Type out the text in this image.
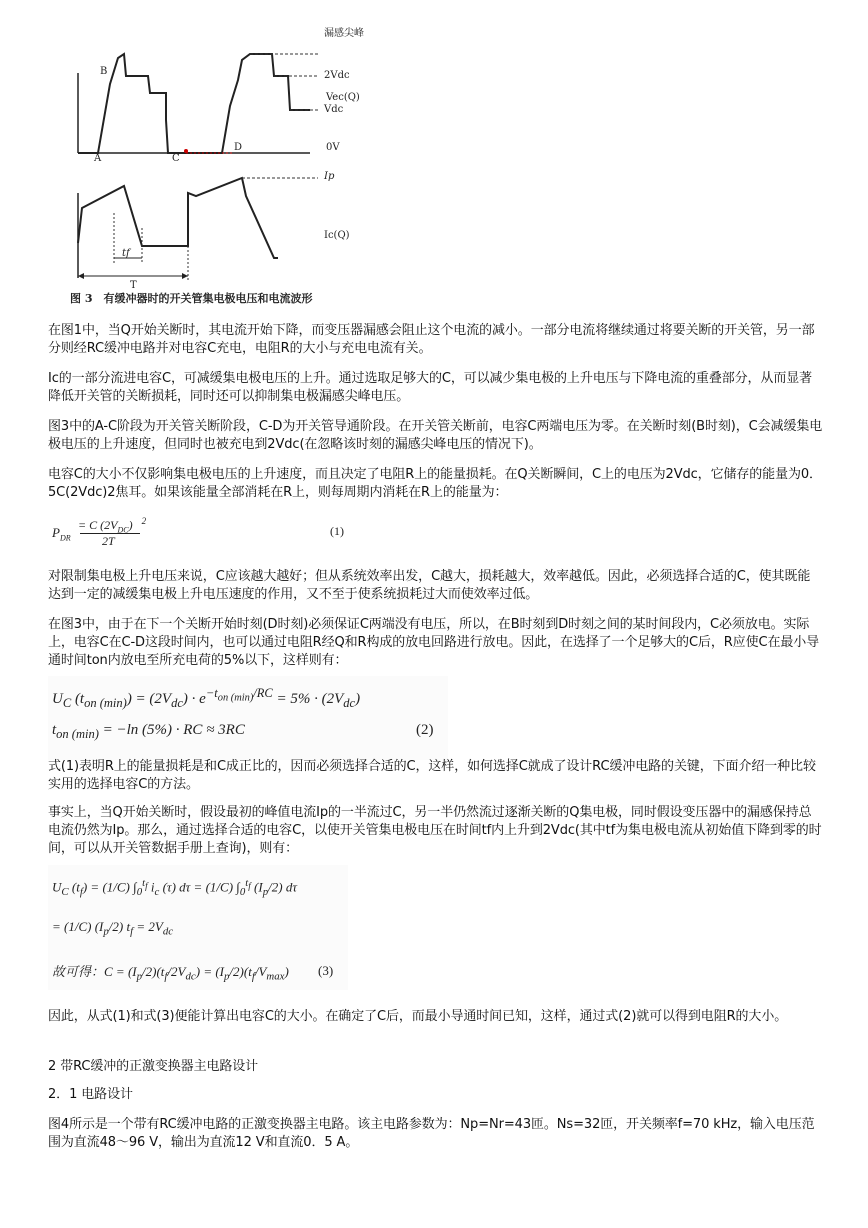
漏感尖峰
2Vdc
Vdc
Vec(Q)
0V
Ip
Ic(Q)
tf
T
B
A	C
D
图 3　有缓冲器时的开关管集电极电压和电流波形

在图1中，当Q开始关断时，其电流开始下降，而变压器漏感会阻止这个电流的减小。一部分电流将继续通过将要关断的开关管，另一部分则经RC缓冲电路并对电容C充电，电阻R的大小与充电电流有关。

Ic的一部分流进电容C，可减缓集电极电压的上升。通过选取足够大的C，可以减少集电极的上升电压与下降电流的重叠部分，从而显著降低开关管的关断损耗，同时还可以抑制集电极漏感尖峰电压。

图3中的A-C阶段为开关管关断阶段，C-D为开关管导通阶段。在开关管关断前，电容C两端电压为零。在关断时刻(B时刻)，C会减缓集电极电压的上升速度，但同时也被充电到2Vdc(在忽略该时刻的漏感尖峰电压的情况下)。

电容C的大小不仅影响集电极电压的上升速度，而且决定了电阻R上的能量损耗。在Q关断瞬间，C上的电压为2Vdc，它储存的能量为0．5C(2Vdc)2焦耳。如果该能量全部消耗在R上，则每周期内消耗在R上的能量为：

$P_{DR}$
= C $(2V_{DC})$ $^2$
2T
(1)

对限制集电极上升电压来说，C应该越大越好；但从系统效率出发，C越大，损耗越大，效率越低。因此，必须选择合适的C，使其既能达到一定的减缓集电极上升电压速度的作用，又不至于使系统损耗过大而使效率过低。

在图3中，由于在下一个关断开始时刻(D时刻)必须保证C两端没有电压，所以，在B时刻到D时刻之间的某时间段内，C必须放电。实际上，电容C在C-D这段时间内，也可以通过电阻R经Q和R构成的放电回路进行放电。因此，在选择了一个足够大的C后，R应使C在最小导通时间ton内放电至所充电荷的5%以下，这样则有：

$U_C$ $(t_{on (min)}) = (2V_{dc}) \cdot e^{-t_{on (min)}/RC} = 5\% \cdot (2V_{dc})$
$t_{on (min)} = -\ln$ (5%) · RC ≈ 3RC	(2)

式(1)表明R上的能量损耗是和C成正比的，因而必须选择合适的C，这样，如何选择C就成了设计RC缓冲电路的关键，下面介绍一种比较实用的选择电容C的方法。

事实上，当Q开始关断时，假设最初的峰值电流Ip的一半流过C，另一半仍然流过逐渐关断的Q集电极，同时假设变压器中的漏感保持总电流仍然为Ip。那么，通过选择合适的电容C，以使开关管集电极电压在时间tf内上升到2Vdc(其中tf为集电极电流从初始值下降到零的时间，可以从开关管数据手册上查询)，则有：

$U_C$ $(t_f) = (1/C)$ $\int_0^{t_f}$ $i_c$ (τ) dτ = (1/C) $\int_0^{t_f}$ $(I_p/2)$ dτ
= (1/C) $(I_p/2) t_f = 2V_{dc}$
故可得：$C = (I_p/2)(t_f/2V_{dc}) = (I_p/2)(t_f/V_{max})$ (3)

因此，从式(1)和式(3)便能计算出电容C的大小。在确定了C后，而最小导通时间已知，这样，通过式(2)就可以得到电阻R的大小。

2 带RC缓冲的正激变换器主电路设计

2．1 电路设计

图4所示是一个带有RC缓冲电路的正激变换器主电路。该主电路参数为：Np=Nr=43匝。Ns=32匝，开关频率f=70 kHz，输入电压范围为直流48～96 V，输出为直流12 V和直流0．5 A。
